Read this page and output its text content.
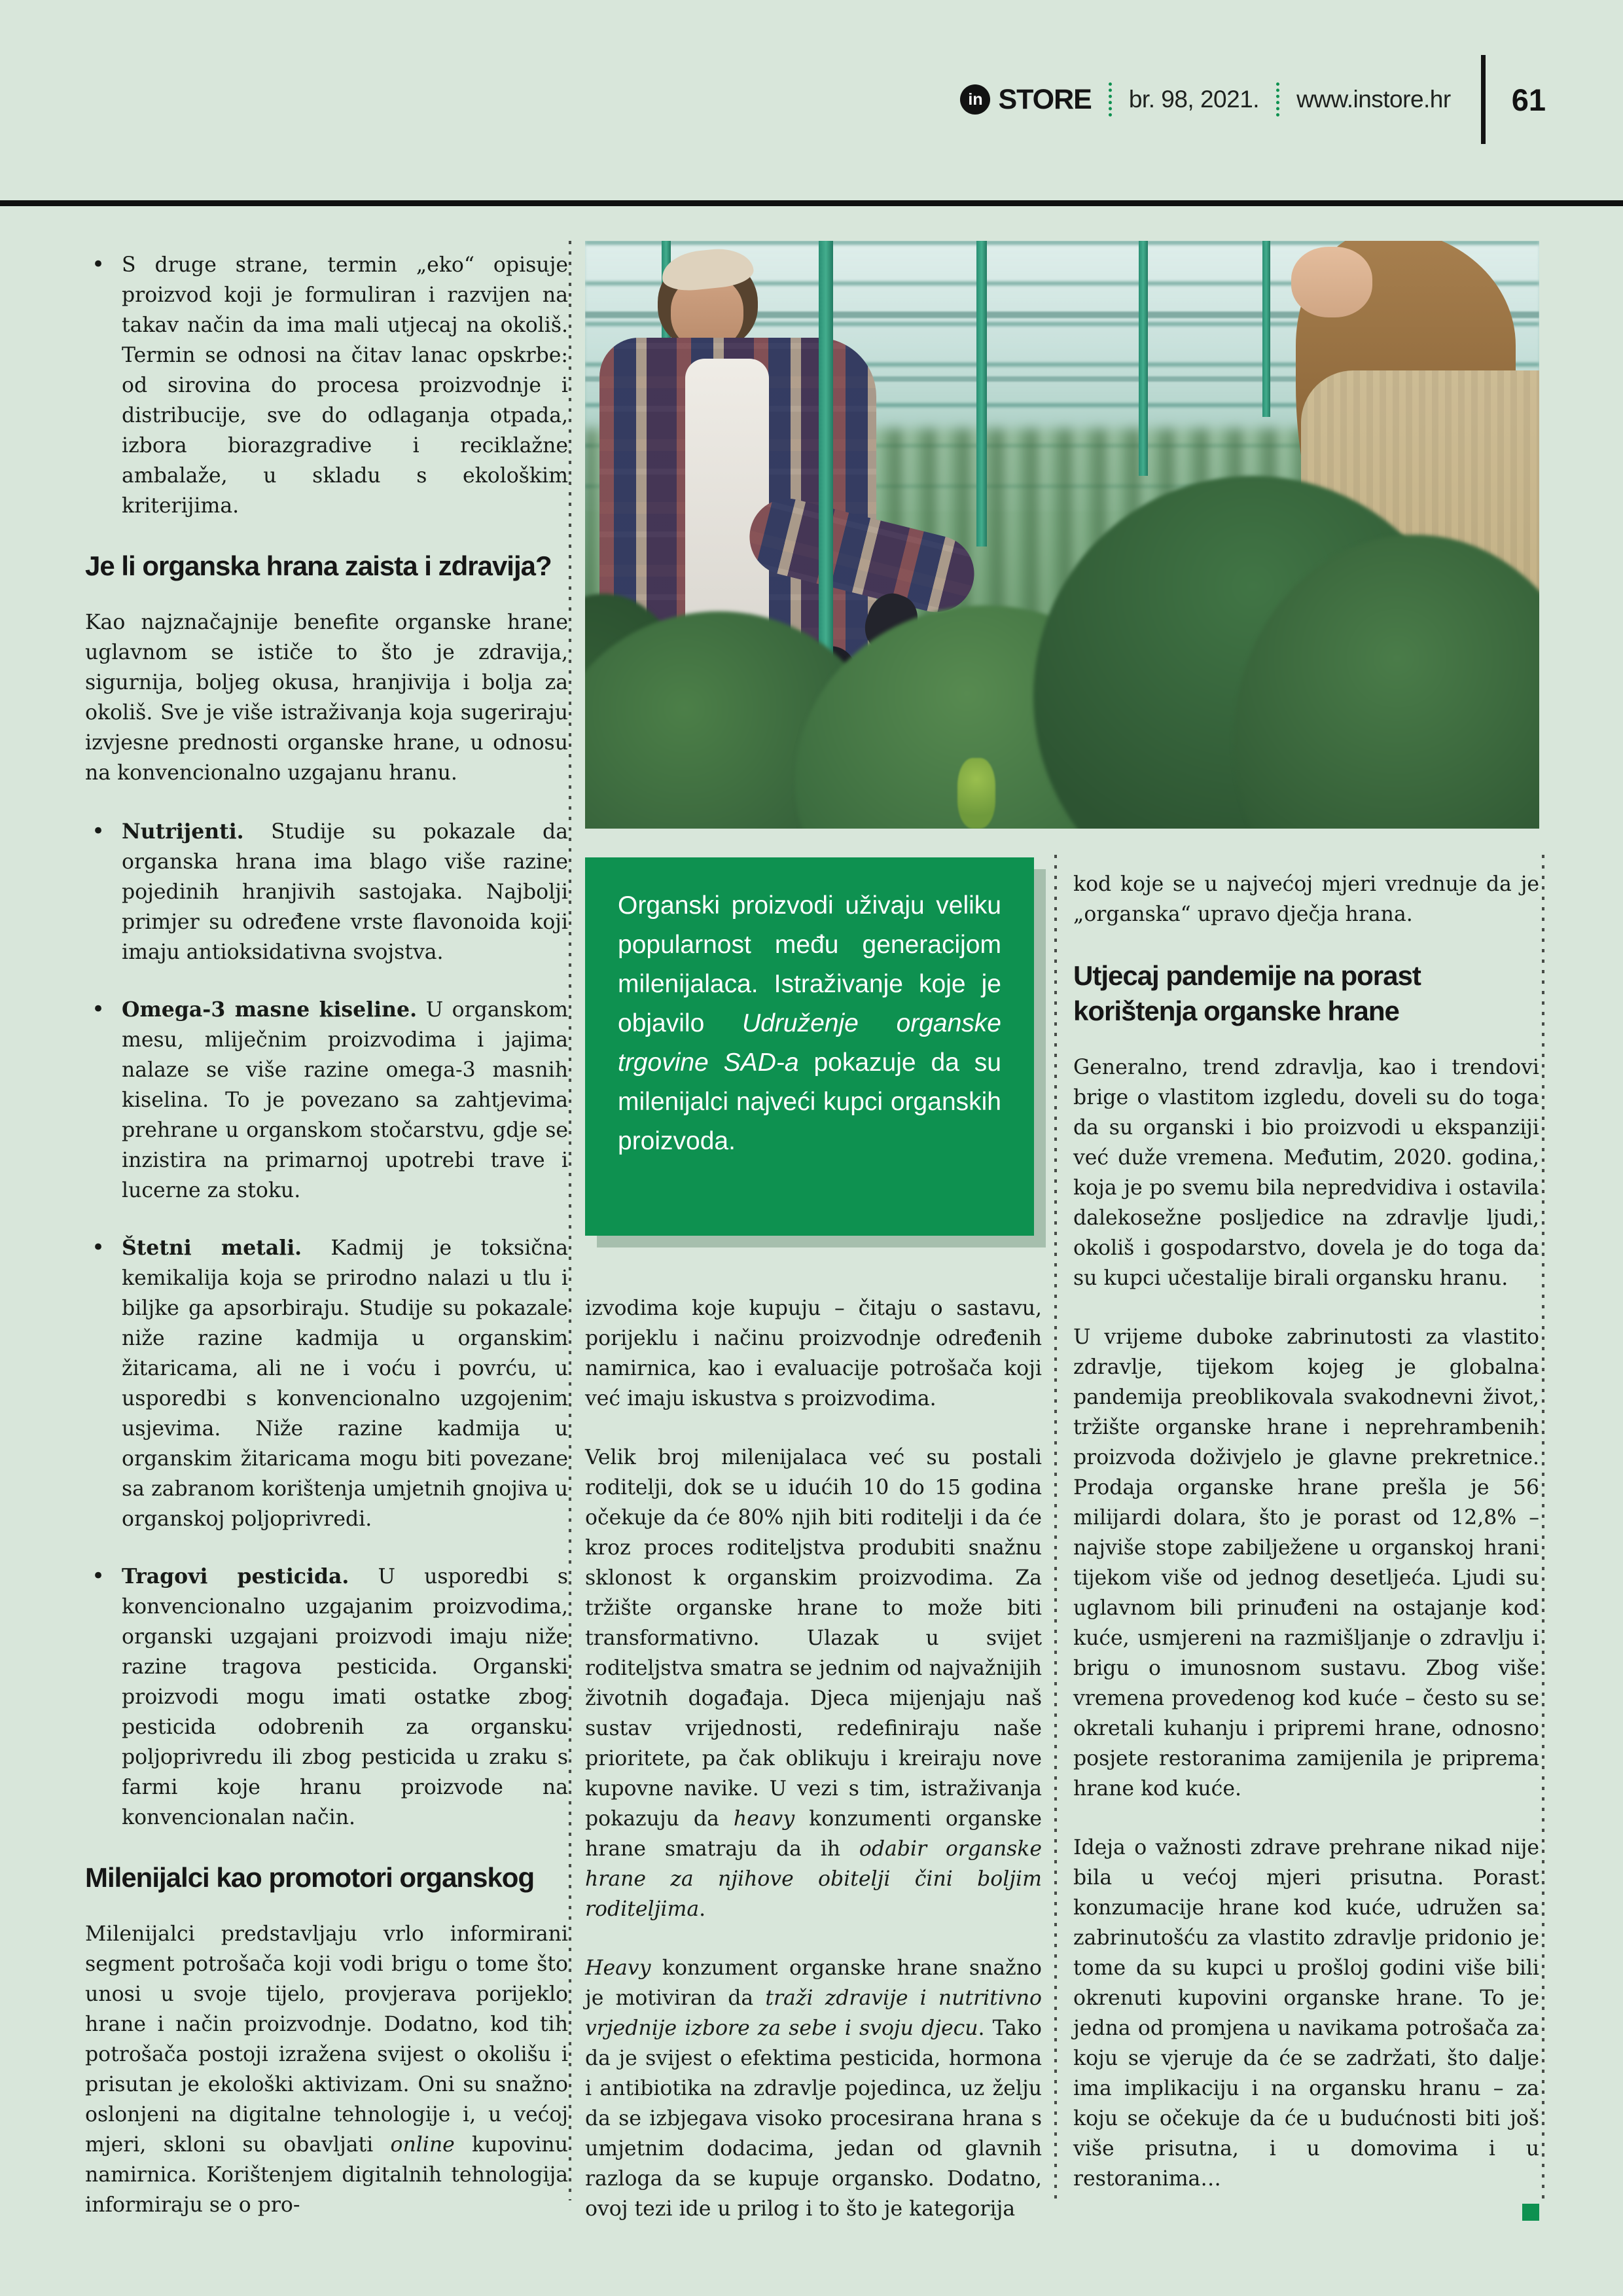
in STORE br. 98, 2021. www.instore.hr 61
Organski proizvodi uživaju veliku popularnost među generacijom milenijalaca. Istraživanje koje je objavilo Udruženje organske trgovine SAD-a pokazuje da su milenijalci najveći kupci organskih proizvoda.
• S druge strane, termin „eko“ opisuje proizvod koji je formuliran i razvijen na takav način da ima mali utjecaj na okoliš. Termin se odnosi na čitav lanac opskrbe: od sirovina do procesa proizvodnje i distribucije, sve do odlaganja otpada, izbora biorazgradive i reciklažne ambalaže, u skladu s ekološkim kriterijima.
Je li organska hrana zaista i zdravija?

Kao najznačajnije benefite organske hrane uglavnom se ističe to što je zdravija, sigurnija, boljeg okusa, hranjivija i bolja za okoliš. Sve je više istraživanja koja sugeriraju izvjesne prednosti organske hrane, u odnosu na konvencionalno uzgajanu hranu.

• Nutrijenti. Studije su pokazale da organska hrana ima blago više razine pojedinih hranjivih sastojaka. Najbolji primjer su određene vrste flavonoida koji imaju antioksidativna svojstva.
• Omega-3 masne kiseline. U organskom mesu, mliječnim proizvodima i jajima nalaze se više razine omega-3 masnih kiselina. To je povezano sa zahtjevima prehrane u organskom stočarstvu, gdje se inzistira na primarnoj upotrebi trave i lucerne za stoku.
• Štetni metali. Kadmij je toksična kemikalija koja se prirodno nalazi u tlu i biljke ga apsorbiraju. Studije su pokazale niže razine kadmija u organskim žitaricama, ali ne i voću i povrću, u usporedbi s konvencionalno uzgojenim usjevima. Niže razine kadmija u organskim žitaricama mogu biti povezane sa zabranom korištenja umjetnih gnojiva u organskoj poljoprivredi.
• Tragovi pesticida. U usporedbi s konvencionalno uzgajanim proizvodima, organski uzgajani proizvodi imaju niže razine tragova pesticida. Organski proizvodi mogu imati ostatke zbog pesticida odobrenih za organsku poljoprivredu ili zbog pesticida u zraku s farmi koje hranu proizvode na konvencionalan način.
Milenijalci kao promotori organskog

Milenijalci predstavljaju vrlo informirani segment potrošača koji vodi brigu o tome što unosi u svoje tijelo, provjerava porijeklo hrane i način proizvodnje. Dodatno, kod tih potrošača postoji izražena svijest o okolišu i prisutan je ekološki aktivizam. Oni su snažno oslonjeni na digitalne tehnologije i, u većoj mjeri, skloni su obavljati online kupovinu namirnica. Korištenjem digitalnih tehnologija informiraju se o pro-

izvodima koje kupuju – čitaju o sastavu, porijeklu i načinu proizvodnje određenih namirnica, kao i evaluacije potrošača koji već imaju iskustva s proizvodima.

Velik broj milenijalaca već su postali roditelji, dok se u idućih 10 do 15 godina očekuje da će 80% njih biti roditelji i da će kroz proces roditeljstva produbiti snažnu sklonost k organskim proizvodima. Za tržište organske hrane to može biti transformativno. Ulazak u svijet roditeljstva smatra se jednim od najvažnijih životnih događaja. Djeca mijenjaju naš sustav vrijednosti, redefiniraju naše prioritete, pa čak oblikuju i kreiraju nove kupovne navike. U vezi s tim, istraživanja pokazuju da heavy konzumenti organske hrane smatraju da ih odabir organske hrane za njihove obitelji čini boljim roditeljima.

Heavy konzument organske hrane snažno je motiviran da traži zdravije i nutritivno vrjednije izbore za sebe i svoju djecu. Tako da je svijest o efektima pesticida, hormona i antibiotika na zdravlje pojedinca, uz želju da se izbjegava visoko procesirana hrana s umjetnim dodacima, jedan od glavnih razloga da se kupuje organsko. Dodatno, ovoj tezi ide u prilog i to što je kategorija

kod koje se u najvećoj mjeri vrednuje da je „organska“ upravo dječja hrana.

Utjecaj pandemije na porast korištenja organske hrane

Generalno, trend zdravlja, kao i trendovi brige o vlastitom izgledu, doveli su do toga da su organski i bio proizvodi u ekspanziji već duže vremena. Međutim, 2020. godina, koja je po svemu bila nepredvidiva i ostavila dalekosežne posljedice na zdravlje ljudi, okoliš i gospodarstvo, dovela je do toga da su kupci učestalije birali organsku hranu.

U vrijeme duboke zabrinutosti za vlastito zdravlje, tijekom kojeg je globalna pandemija preoblikovala svakodnevni život, tržište organske hrane i neprehrambenih proizvoda doživjelo je glavne prekretnice. Prodaja organske hrane prešla je 56 milijardi dolara, što je porast od 12,8% – najviše stope zabilježene u organskoj hrani tijekom više od jednog desetljeća. Ljudi su uglavnom bili prinuđeni na ostajanje kod kuće, usmjereni na razmišljanje o zdravlju i brigu o imunosnom sustavu. Zbog više vremena provedenog kod kuće – često su se okretali kuhanju i pripremi hrane, odnosno posjete restoranima zamijenila je priprema hrane kod kuće.

Ideja o važnosti zdrave prehrane nikad nije bila u većoj mjeri prisutna. Porast konzumacije hrane kod kuće, udružen sa zabrinutošću za vlastito zdravlje pridonio je tome da su kupci u prošloj godini više bili okrenuti kupovini organske hrane. To je jedna od promjena u navikama potrošača za koju se vjeruje da će se zadržati, što dalje ima implikaciju i na organsku hranu – za koju se očekuje da će u budućnosti biti još više prisutna, i u domovima i u restoranima…
